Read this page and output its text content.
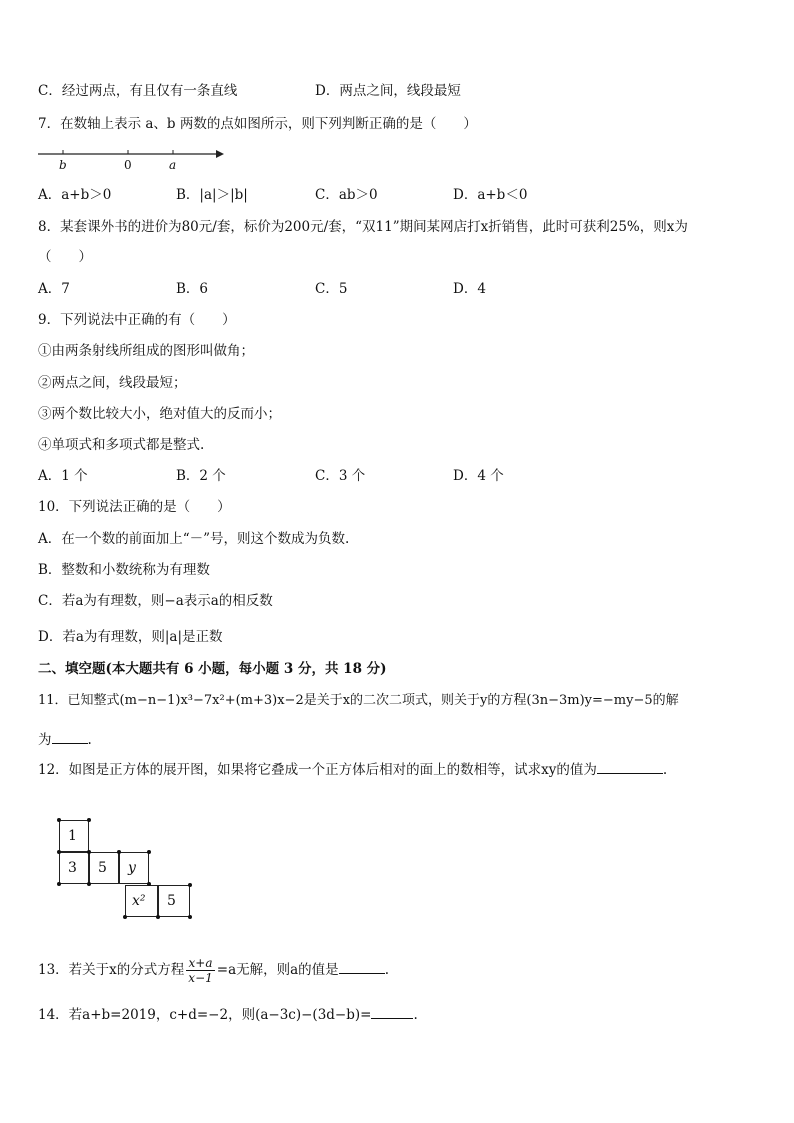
C．经过两点，有且仅有一条直线	D．两点之间，线段最短
7．在数轴上表示 a、b 两数的点如图所示，则下列判断正确的是（　　）
b	0	a
A．a+b＞0	B．|a|＞|b|	C．ab＞0	D．a+b＜0
8．某套课外书的进价为80元/套，标价为200元/套，“双11”期间某网店打x折销售，此时可获利25%，则x为
（　　）
A．7	B．6	C．5	D．4
9．下列说法中正确的有（　　）
①由两条射线所组成的图形叫做角；
②两点之间，线段最短；
③两个数比较大小，绝对值大的反而小；
④单项式和多项式都是整式.
A．1 个	B．2 个	C．3 个	D．4 个
10．下列说法正确的是（　　）
A．在一个数的前面加上“－”号，则这个数成为负数.
B．整数和小数统称为有理数
C．若a为有理数，则−a表示a的相反数
D．若a为有理数，则|a|是正数
二、填空题(本大题共有 6 小题，每小题 3 分，共 18 分)
11．已知整式(m−n−1)x³−7x²+(m+3)x−2是关于x的二次二项式，则关于y的方程(3n−3m)y=−my−5的解
为	.
12．如图是正方体的展开图，如果将它叠成一个正方体后相对的面上的数相等，试求xy的值为	.
1
3	5	y
x²	5
13．若关于x的分式方程 $\frac{x+a}{x-1} =a$无解，则a的值是	.
14．若a+b=2019，c+d=−2，则(a−3c)−(3d−b)=	.
